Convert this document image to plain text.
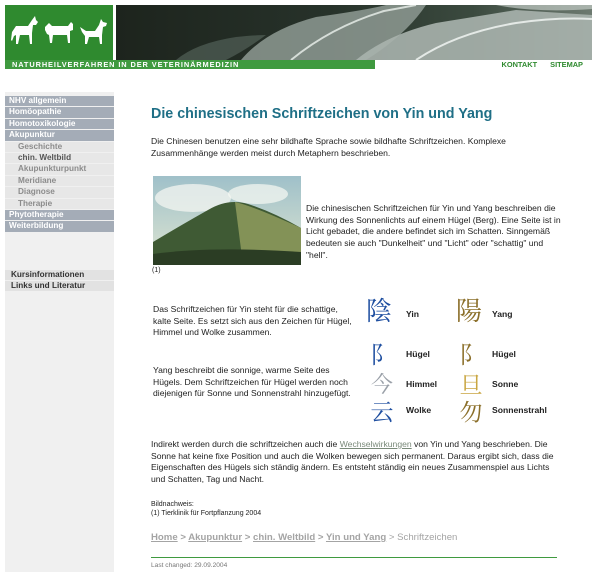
NATURHEILVERFAHREN IN DER VETERINÄRMEDIZIN	KONTAKT SITEMAP
NHV allgemein
Homöopathie
Homotoxikologie
Akupunktur
Geschichte
chin. Weltbild
Akupunkturpunkt
Meridiane
Diagnose
Therapie
Phytotherapie
Weiterbildung
Kursinformationen
Links und Literatur
Die chinesischen Schriftzeichen von Yin und Yang
Die Chinesen benutzen eine sehr bildhafte Sprache sowie bildhafte Schriftzeichen. Komplexe Zusammenhänge werden meist durch Metaphern beschrieben.
(1)
Die chinesischen Schriftzeichen für Yin und Yang beschreiben die Wirkung des Sonnenlichts auf einem Hügel (Berg). Eine Seite ist in Licht gebadet, die andere befindet sich im Schatten. Sinngemäß bedeuten sie auch "Dunkelheit" und "Licht" oder "schattig" und "hell".
Das Schriftzeichen für Yin steht für die schattige, kalte Seite. Es setzt sich aus den Zeichen für Hügel, Himmel und Wolke zusammen.
Yang beschreibt die sonnige, warme Seite des Hügels. Dem Schriftzeichen für Hügel werden noch diejenigen für Sonne und Sonnenstrahl hinzugefügt.
陰 Yin
阝 Hügel
今 Himmel
云 Wolke
陽 Yang
阝 Hügel
旦 Sonne
勿 Sonnenstrahl
Indirekt werden durch die schriftzeichen auch die Wechselwirkungen von Yin und Yang beschrieben. Die Sonne hat keine fixe Position und auch die Wolken bewegen sich permanent. Daraus ergibt sich, dass die Eigenschaften des Hügels sich ständig ändern. Es entsteht ständig ein neues Zusammenspiel aus Lichts und Schatten, Tag und Nacht.
Bildnachweis:
(1) Tierklinik für Fortpflanzung 2004
Home > Akupunktur > chin. Weltbild > Yin und Yang > Schriftzeichen
Last changed: 29.09.2004
